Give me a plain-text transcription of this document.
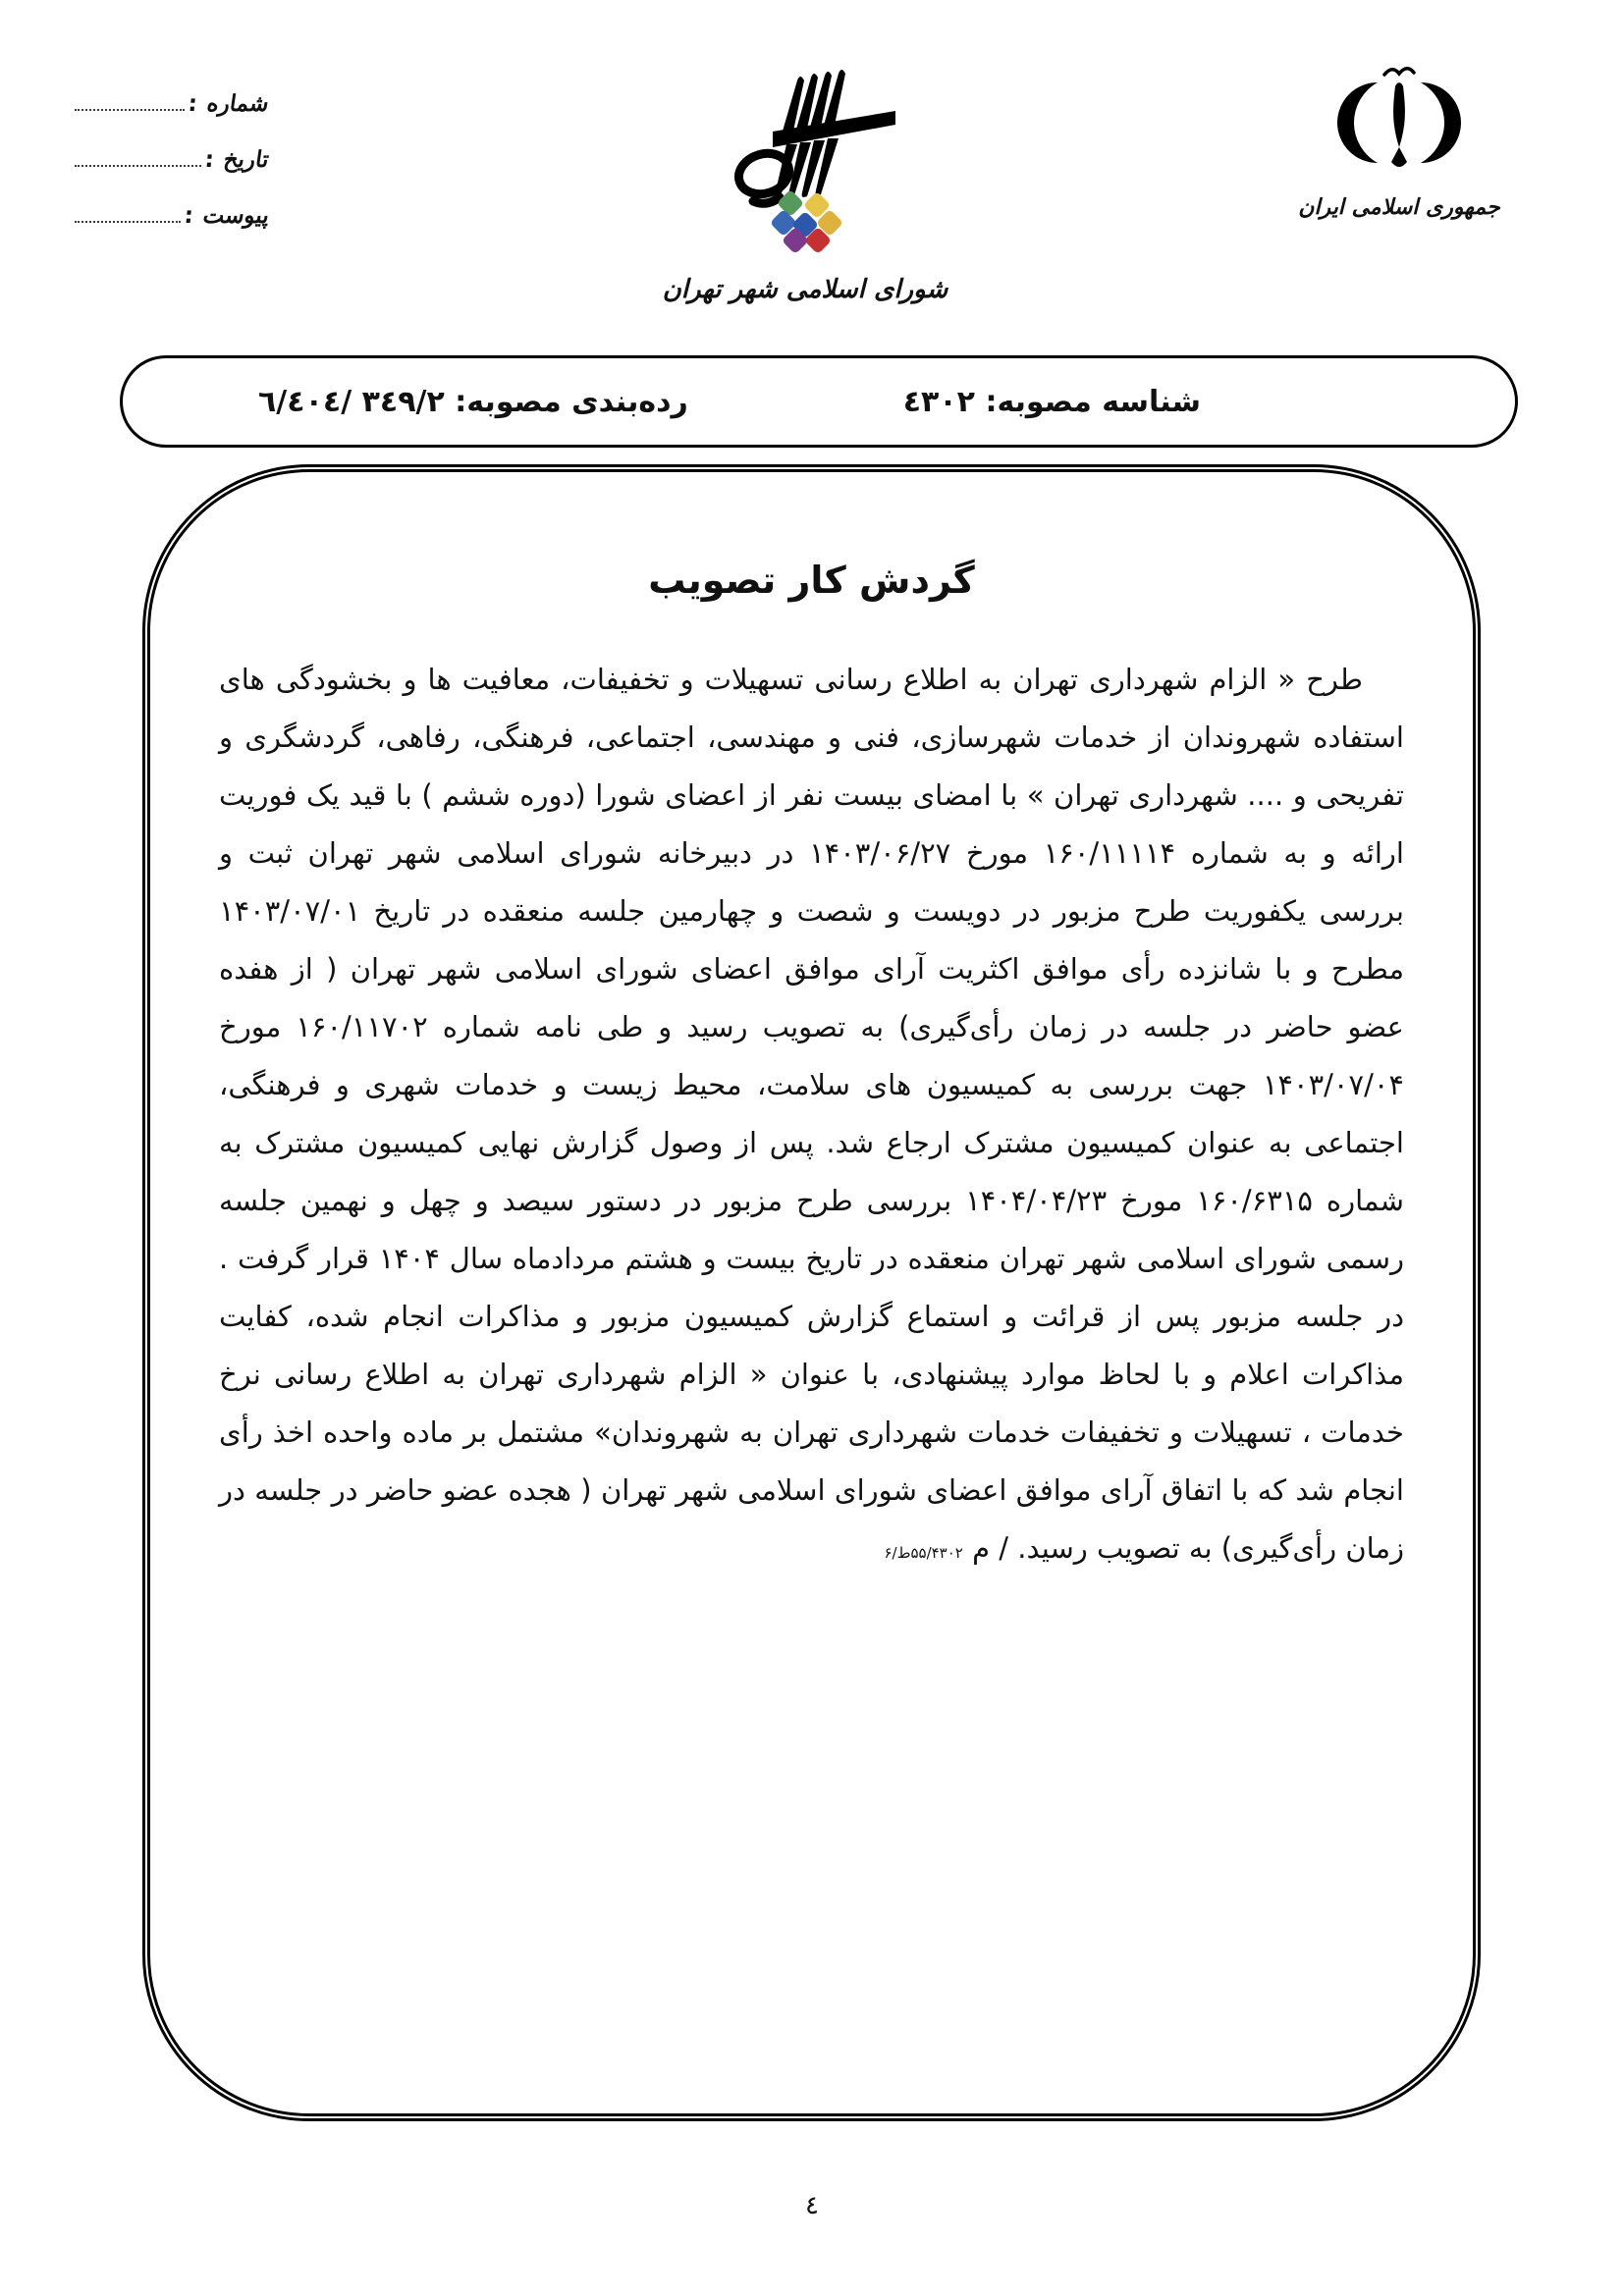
شماره :
تاریخ :
پیوست :
شورای اسلامی شهر تهران
جمهوری اسلامی ایران
شناسه مصوبه: ٤٣٠٢
رده‌بندی مصوبه: ٣٤٩/٢ /٦/٤٠٤
گردش کار تصویب

طرح « الزام شهرداری تهران به اطلاع رسانی تسهیلات و تخفیفات، معافیت ها و بخشودگی های استفاده شهروندان از خدمات شهرسازی، فنی و مهندسی، اجتماعی، فرهنگی، رفاهی، گردشگری و تفریحی و .... شهرداری تهران » با امضای بیست نفر از اعضای شورا (دوره ششم ) با قید یک فوریت ارائه و به شماره ۱۶۰/۱۱۱۱۴ مورخ ۱۴۰۳/۰۶/۲۷ در دبیرخانه شورای اسلامی شهر تهران ثبت و بررسی یکفوریت طرح مزبور در دویست و شصت و چهارمین جلسه منعقده در تاریخ ۱۴۰۳/۰۷/۰۱ مطرح و با شانزده رأی موافق اکثریت آرای موافق اعضای شورای اسلامی شهر تهران ( از هفده عضو حاضر در جلسه در زمان رأی‌گیری) به تصویب رسید و طی نامه شماره ۱۶۰/۱۱۷۰۲ مورخ ۱۴۰۳/۰۷/۰۴ جهت بررسی به کمیسیون های سلامت، محیط زیست و خدمات شهری و فرهنگی، اجتماعی به عنوان کمیسیون مشترک ارجاع شد. پس از وصول گزارش نهایی کمیسیون مشترک به شماره ۱۶۰/۶۳۱۵ مورخ ۱۴۰۴/۰۴/۲۳ بررسی طرح مزبور در دستور سیصد و چهل و نهمین جلسه رسمی شورای اسلامی شهر تهران منعقده در تاریخ بیست و هشتم مردادماه سال ۱۴۰۴ قرار گرفت . در جلسه مزبور پس از قرائت و استماع گزارش کمیسیون مزبور و مذاکرات انجام شده، کفایت مذاکرات اعلام و با لحاظ موارد پیشنهادی، با عنوان « الزام شهرداری تهران به اطلاع رسانی نرخ خدمات ، تسهیلات و تخفیفات خدمات شهرداری تهران به شهروندان» مشتمل بر ماده واحده اخذ رأی انجام شد که با اتفاق آرای موافق اعضای شورای اسلامی شهر تهران ( هجده عضو حاضر در جلسه در زمان رأی‌گیری) به تصویب رسید. / م ۶/ط۵۵/۴۳۰۲

٤
